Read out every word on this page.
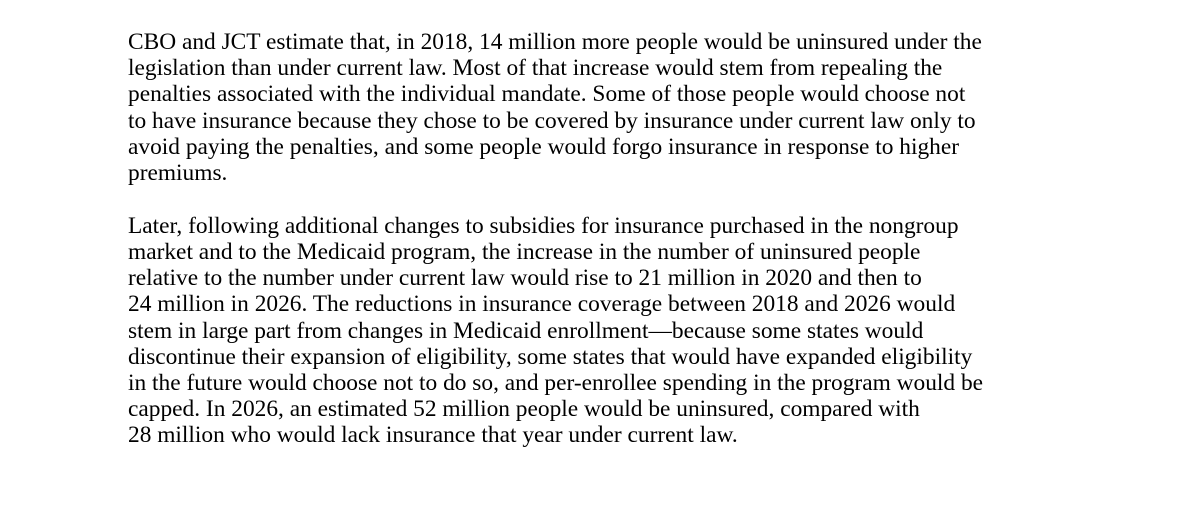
CBO and JCT estimate that, in 2018, 14 million more people would be uninsured under the
legislation than under current law. Most of that increase would stem from repealing the
penalties associated with the individual mandate. Some of those people would choose not
to have insurance because they chose to be covered by insurance under current law only to
avoid paying the penalties, and some people would forgo insurance in response to higher
premiums.

Later, following additional changes to subsidies for insurance purchased in the nongroup
market and to the Medicaid program, the increase in the number of uninsured people
relative to the number under current law would rise to 21 million in 2020 and then to
24 million in 2026. The reductions in insurance coverage between 2018 and 2026 would
stem in large part from changes in Medicaid enrollment—because some states would
discontinue their expansion of eligibility, some states that would have expanded eligibility
in the future would choose not to do so, and per-enrollee spending in the program would be
capped. In 2026, an estimated 52 million people would be uninsured, compared with
28 million who would lack insurance that year under current law.
